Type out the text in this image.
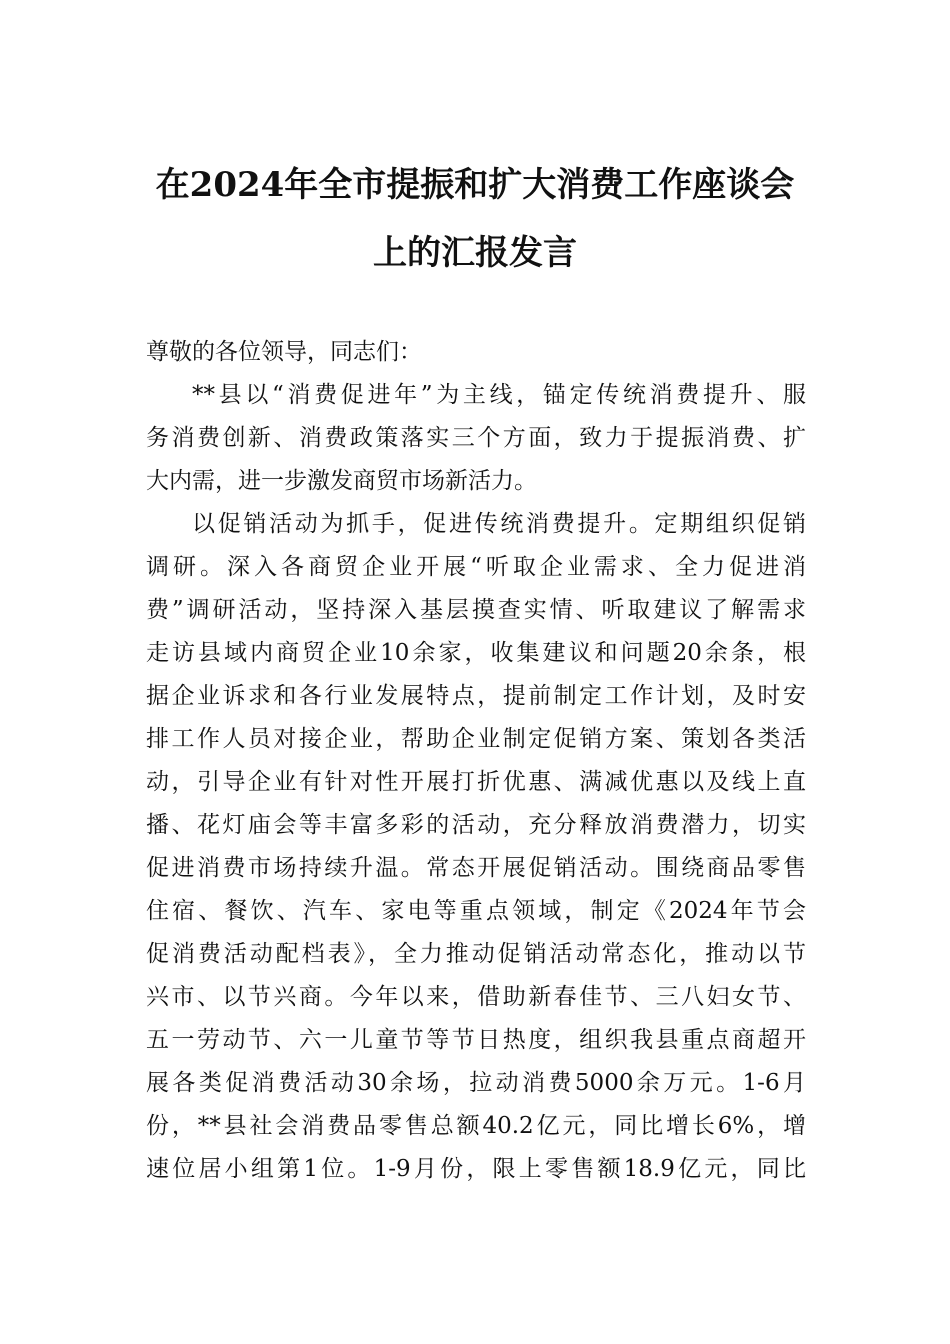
在2024年全市提振和扩大消费工作座谈会
上的汇报发言
尊敬的各位领导，同志们：
**县以“消费促进年”为主线，锚定传统消费提升、服
务消费创新、消费政策落实三个方面，致力于提振消费、扩
大内需，进一步激发商贸市场新活力。
以促销活动为抓手，促进传统消费提升。定期组织促销
调研。深入各商贸企业开展“听取企业需求、全力促进消
费”调研活动，坚持深入基层摸查实情、听取建议了解需求
走访县域内商贸企业10余家，收集建议和问题20余条，根
据企业诉求和各行业发展特点，提前制定工作计划，及时安
排工作人员对接企业，帮助企业制定促销方案、策划各类活
动，引导企业有针对性开展打折优惠、满减优惠以及线上直
播、花灯庙会等丰富多彩的活动，充分释放消费潜力，切实
促进消费市场持续升温。常态开展促销活动。围绕商品零售
住宿、餐饮、汽车、家电等重点领域，制定《2024年节会
促消费活动配档表》，全力推动促销活动常态化，推动以节
兴市、以节兴商。今年以来，借助新春佳节、三八妇女节、
五一劳动节、六一儿童节等节日热度，组织我县重点商超开
展各类促消费活动30余场，拉动消费5000余万元。1-6月
份，**县社会消费品零售总额40.2亿元，同比增长6%，增
速位居小组第1位。1-9月份，限上零售额18.9亿元，同比
